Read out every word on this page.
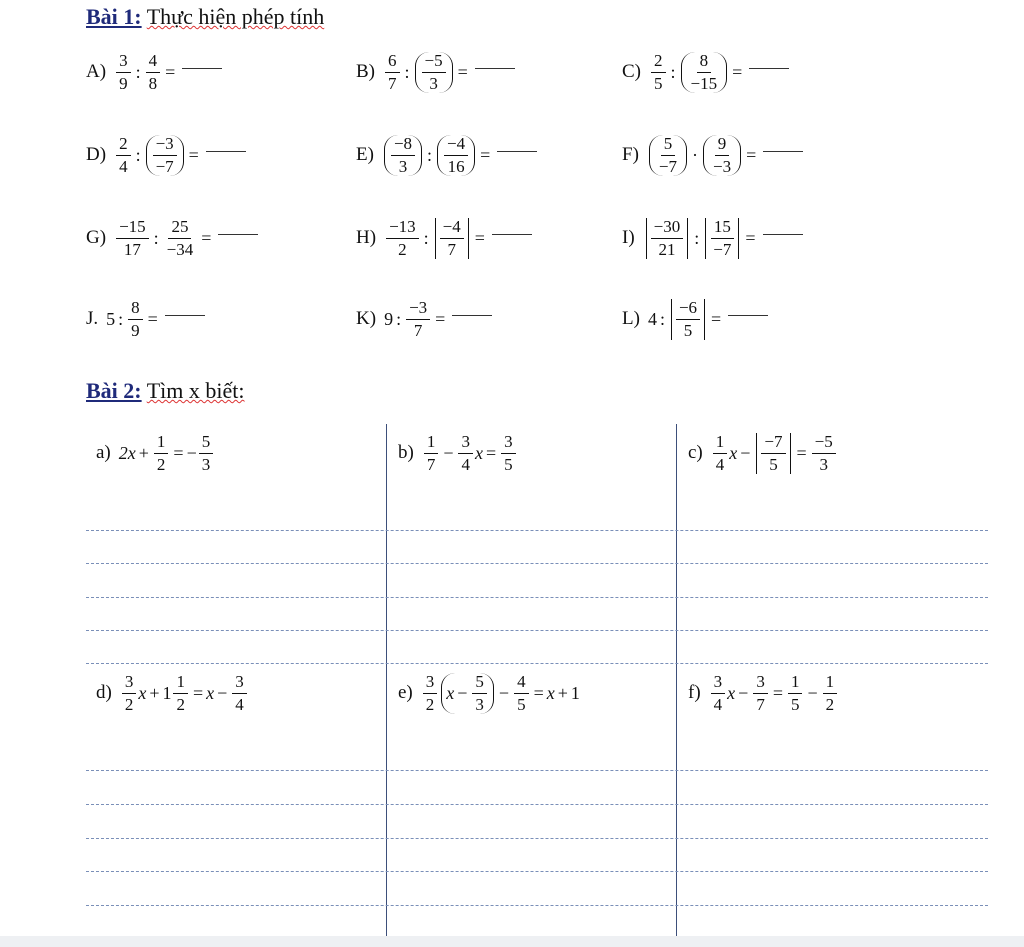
Bài 1: Thực hiện phép tính
$A) \frac{3}{9}$ : $\frac{4}{8}$ =	$B) \frac{6}{7}$ : $\frac{-5}{3}$ =	$C) \frac{2}{5}$ : $\frac{8}{-15}$ =
$D) \frac{2}{4}$ : $\frac{-3}{-7}$ =	$E) \frac{-8}{3}$ : $\frac{-4}{16}$ =	$F) \frac{5}{-7} \cdot \frac{9}{-3}$ =
$G) \frac{-15}{17}$ : $\frac{25}{-34}$ =	$H) \frac{-13}{2}$ : $\frac{-4}{7}$ =	$I) \frac{-30}{21}$ : $\frac{15}{-7}$ =
J. 5 : $\frac{8}{9}$ =	K) 9 : $\frac{-3}{7}$ =	L) 4 : $\frac{-6}{5}$ =
Bài 2: Tìm x biết:
a) $2x + \frac{1}{2}$ = − $\frac{5}{3}$	$b) \frac{1}{7} - \frac{3}{4}$ $x = \frac{3}{5}$	$c) \frac{1}{4}$ $x - \frac{-7}{5} = \frac{-5}{3}$
$d) \frac{3}{2}$ $x + 1 \frac{1}{2} = x - \frac{3}{4}$	$e) \frac{3}{2}$ $x - \frac{5}{3} - \frac{4}{5} = x + 1$	$f) \frac{3}{4}$ $x - \frac{3}{7} = \frac{1}{5} - \frac{1}{2}$
